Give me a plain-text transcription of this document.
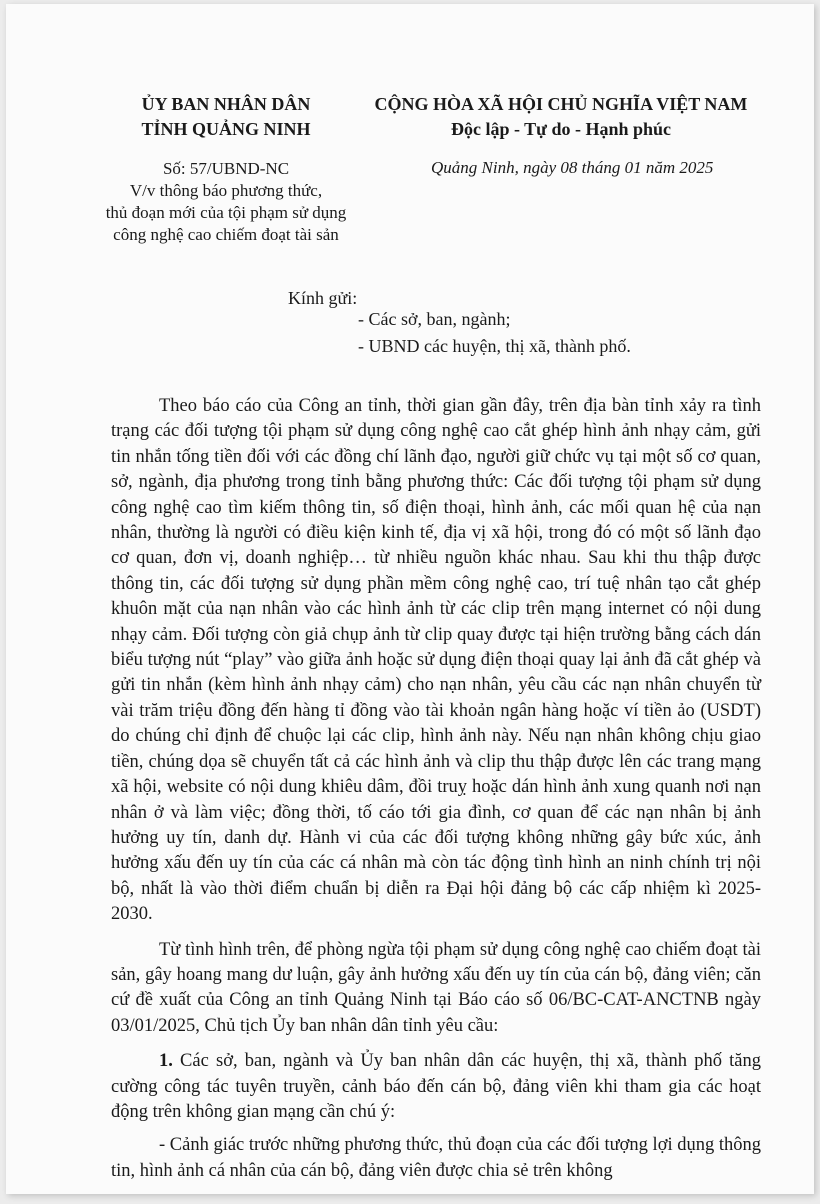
ỦY BAN NHÂN DÂN
TỈNH QUẢNG NINH
CỘNG HÒA XÃ HỘI CHỦ NGHĨA VIỆT NAM
Độc lập - Tự do - Hạnh phúc
Số: 57/UBND-NC
V/v thông báo phương thức,
thủ đoạn mới của tội phạm sử dụng
công nghệ cao chiếm đoạt tài sản
Quảng Ninh, ngày 08 tháng 01 năm 2025
Kính gửi:
- Các sở, ban, ngành;
- UBND các huyện, thị xã, thành phố.

Theo báo cáo của Công an tỉnh, thời gian gần đây, trên địa bàn tỉnh xảy ra tình trạng các đối tượng tội phạm sử dụng công nghệ cao cắt ghép hình ảnh nhạy cảm, gửi tin nhắn tống tiền đối với các đồng chí lãnh đạo, người giữ chức vụ tại một số cơ quan, sở, ngành, địa phương trong tỉnh bằng phương thức: Các đối tượng tội phạm sử dụng công nghệ cao tìm kiếm thông tin, số điện thoại, hình ảnh, các mối quan hệ của nạn nhân, thường là người có điều kiện kinh tế, địa vị xã hội, trong đó có một số lãnh đạo cơ quan, đơn vị, doanh nghiệp… từ nhiều nguồn khác nhau. Sau khi thu thập được thông tin, các đối tượng sử dụng phần mềm công nghệ cao, trí tuệ nhân tạo cắt ghép khuôn mặt của nạn nhân vào các hình ảnh từ các clip trên mạng internet có nội dung nhạy cảm. Đối tượng còn giả chụp ảnh từ clip quay được tại hiện trường bằng cách dán biểu tượng nút “play” vào giữa ảnh hoặc sử dụng điện thoại quay lại ảnh đã cắt ghép và gửi tin nhắn (kèm hình ảnh nhạy cảm) cho nạn nhân, yêu cầu các nạn nhân chuyển từ vài trăm triệu đồng đến hàng tỉ đồng vào tài khoản ngân hàng hoặc ví tiền ảo (USDT) do chúng chỉ định để chuộc lại các clip, hình ảnh này. Nếu nạn nhân không chịu giao tiền, chúng dọa sẽ chuyển tất cả các hình ảnh và clip thu thập được lên các trang mạng xã hội, website có nội dung khiêu dâm, đồi truỵ hoặc dán hình ảnh xung quanh nơi nạn nhân ở và làm việc; đồng thời, tố cáo tới gia đình, cơ quan để các nạn nhân bị ảnh hưởng uy tín, danh dự. Hành vi của các đối tượng không những gây bức xúc, ảnh hưởng xấu đến uy tín của các cá nhân mà còn tác động tình hình an ninh chính trị nội bộ, nhất là vào thời điểm chuẩn bị diễn ra Đại hội đảng bộ các cấp nhiệm kì 2025- 2030.

Từ tình hình trên, để phòng ngừa tội phạm sử dụng công nghệ cao chiếm đoạt tài sản, gây hoang mang dư luận, gây ảnh hưởng xấu đến uy tín của cán bộ, đảng viên; căn cứ đề xuất của Công an tỉnh Quảng Ninh tại Báo cáo số 06/BC-CAT-ANCTNB ngày 03/01/2025, Chủ tịch Ủy ban nhân dân tỉnh yêu cầu:

1. Các sở, ban, ngành và Ủy ban nhân dân các huyện, thị xã, thành phố tăng cường công tác tuyên truyền, cảnh báo đến cán bộ, đảng viên khi tham gia các hoạt động trên không gian mạng cần chú ý:

- Cảnh giác trước những phương thức, thủ đoạn của các đối tượng lợi dụng thông tin, hình ảnh cá nhân của cán bộ, đảng viên được chia sẻ trên không
